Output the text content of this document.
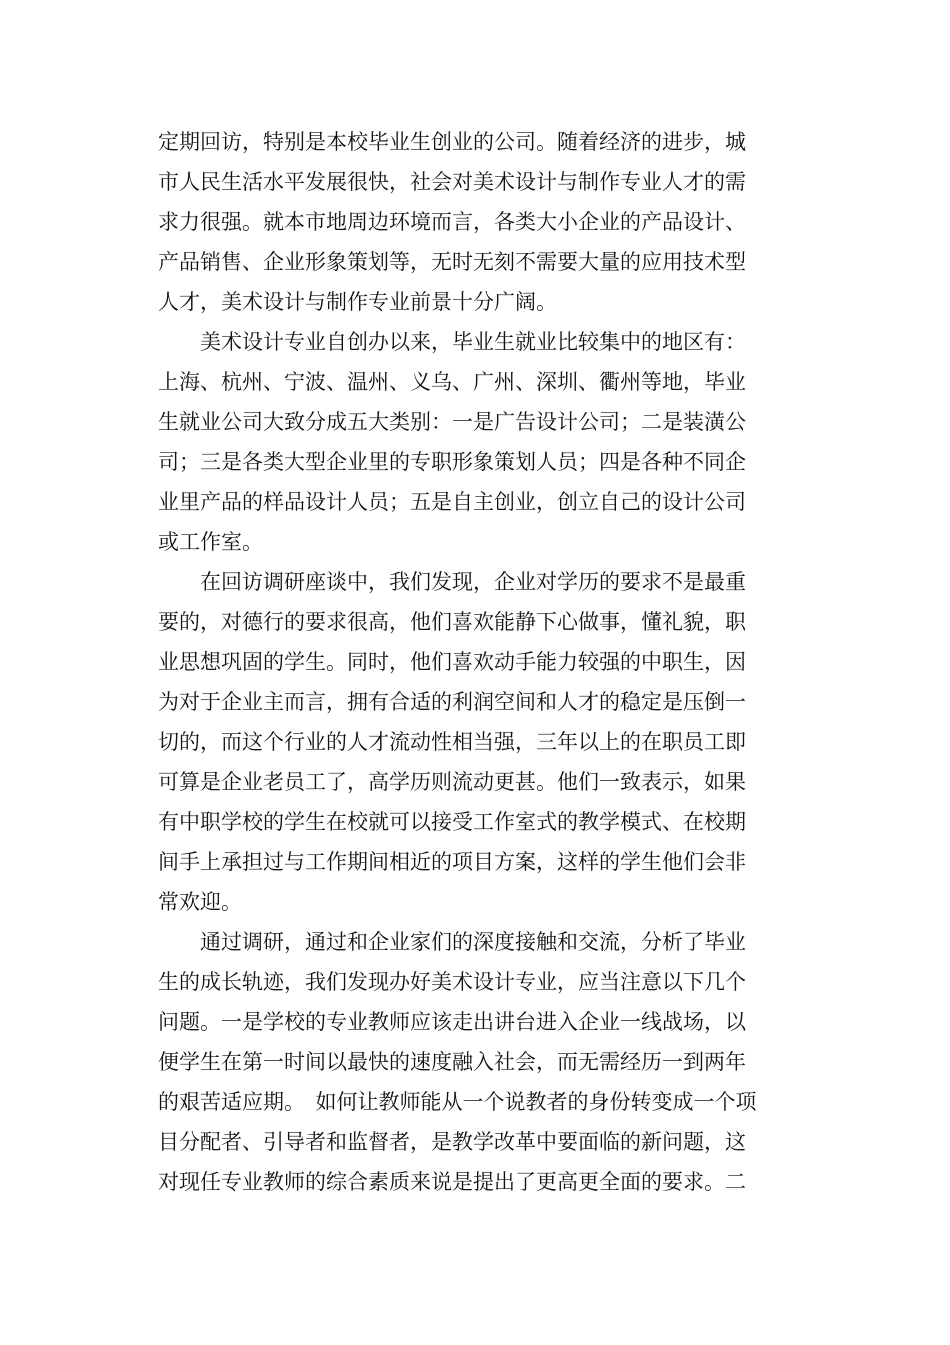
定期回访，特别是本校毕业生创业的公司。随着经济的进步，城
市人民生活水平发展很快，社会对美术设计与制作专业人才的需
求力很强。就本市地周边环境而言，各类大小企业的产品设计、
产品销售、企业形象策划等，无时无刻不需要大量的应用技术型
人才，美术设计与制作专业前景十分广阔。
　　美术设计专业自创办以来，毕业生就业比较集中的地区有：
上海、杭州、宁波、温州、义乌、广州、深圳、衢州等地，毕业
生就业公司大致分成五大类别：一是广告设计公司；二是装潢公
司；三是各类大型企业里的专职形象策划人员；四是各种不同企
业里产品的样品设计人员；五是自主创业，创立自己的设计公司
或工作室。
　　在回访调研座谈中，我们发现，企业对学历的要求不是最重
要的，对德行的要求很高，他们喜欢能静下心做事，懂礼貌，职
业思想巩固的学生。同时，他们喜欢动手能力较强的中职生，因
为对于企业主而言，拥有合适的利润空间和人才的稳定是压倒一
切的，而这个行业的人才流动性相当强，三年以上的在职员工即
可算是企业老员工了，高学历则流动更甚。他们一致表示，如果
有中职学校的学生在校就可以接受工作室式的教学模式、在校期
间手上承担过与工作期间相近的项目方案，这样的学生他们会非
常欢迎。
　　通过调研，通过和企业家们的深度接触和交流，分析了毕业
生的成长轨迹，我们发现办好美术设计专业，应当注意以下几个
问题。一是学校的专业教师应该走出讲台进入企业一线战场，以
便学生在第一时间以最快的速度融入社会，而无需经历一到两年
的艰苦适应期。　如何让教师能从一个说教者的身份转变成一个项
目分配者、引导者和监督者，是教学改革中要面临的新问题，这
对现任专业教师的综合素质来说是提出了更高更全面的要求。二
